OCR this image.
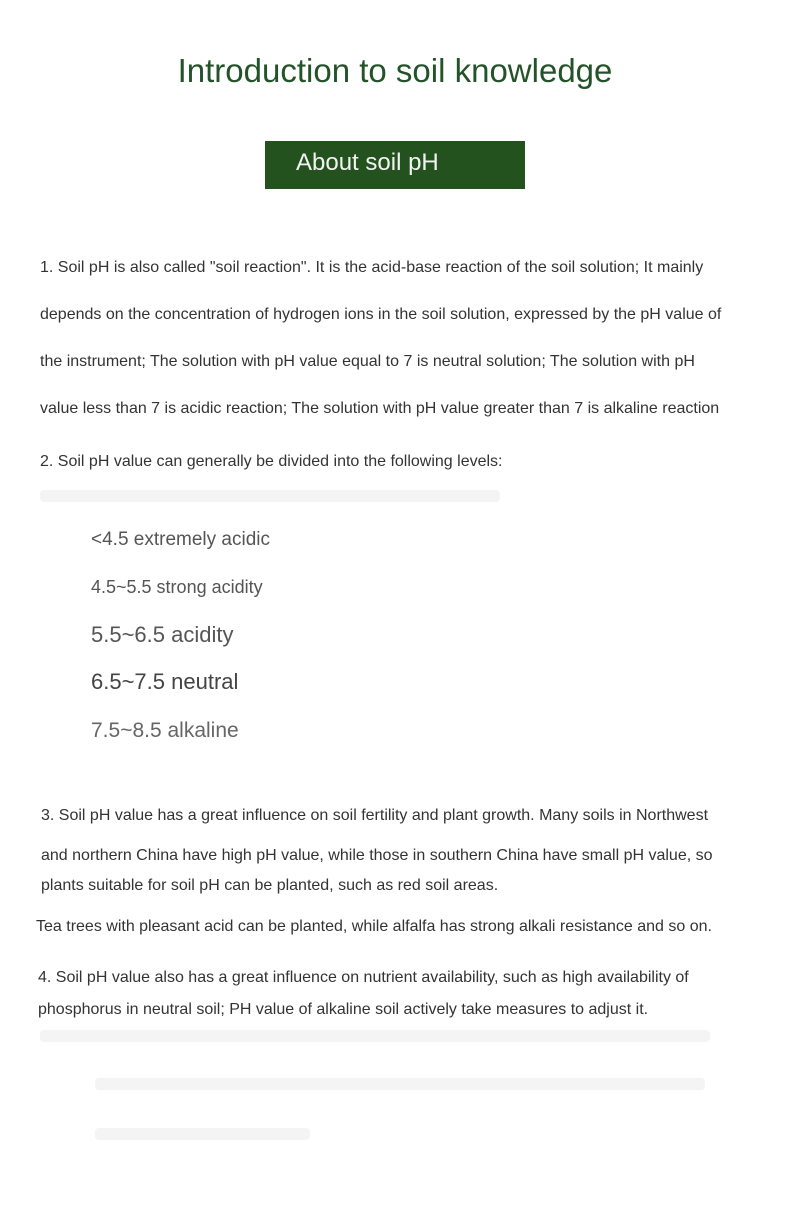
Introduction to soil knowledge
About soil pH
1. Soil pH is also called "soil reaction". It is the acid-base reaction of the soil solution; It mainly
depends on the concentration of hydrogen ions in the soil solution, expressed by the pH value of
the instrument; The solution with pH value equal to 7 is neutral solution; The solution with pH
value less than 7 is acidic reaction; The solution with pH value greater than 7 is alkaline reaction
2. Soil pH value can generally be divided into the following levels:
<4.5 extremely acidic
4.5~5.5 strong acidity
5.5~6.5 acidity
6.5~7.5 neutral
7.5~8.5 alkaline
3. Soil pH value has a great influence on soil fertility and plant growth. Many soils in Northwest
and northern China have high pH value, while those in southern China have small pH value, so
plants suitable for soil pH can be planted, such as red soil areas.
Tea trees with pleasant acid can be planted, while alfalfa has strong alkali resistance and so on.
4. Soil pH value also has a great influence on nutrient availability, such as high availability of
phosphorus in neutral soil; PH value of alkaline soil actively take measures to adjust it.
